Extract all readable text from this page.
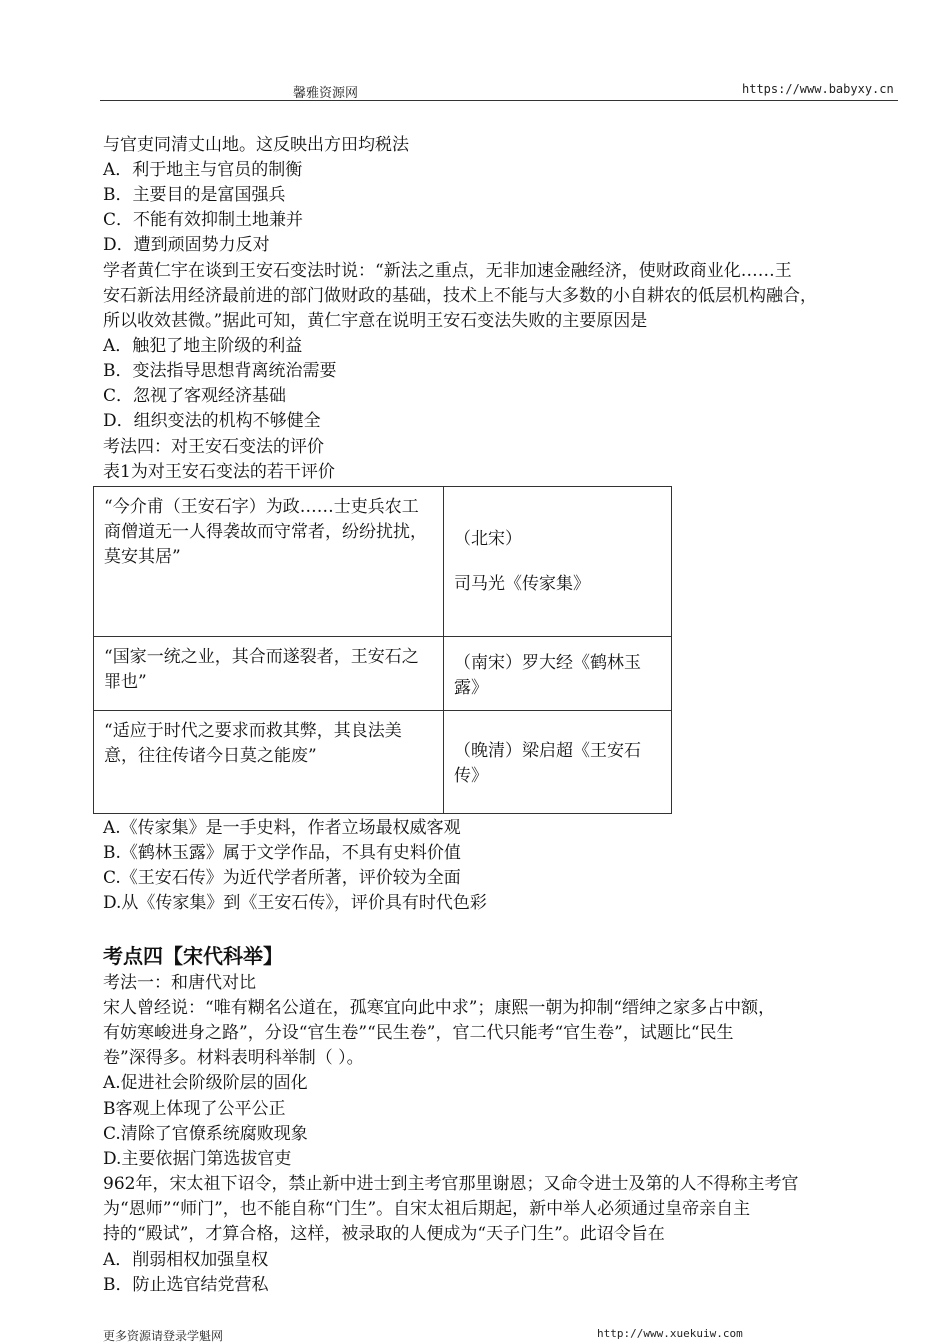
馨雅资源网	https://www.babyxy.cn
与官吏同清丈山地。这反映出方田均税法
A．利于地主与官员的制衡
B．主要目的是富国强兵
C．不能有效抑制土地兼并
D．遭到顽固势力反对
学者黄仁宇在谈到王安石变法时说：“新法之重点，无非加速金融经济，使财政商业化……王
安石新法用经济最前进的部门做财政的基础，技术上不能与大多数的小自耕农的低层机构融合，
所以收效甚微。”据此可知，黄仁宇意在说明王安石变法失败的主要原因是
A．触犯了地主阶级的利益
B．变法指导思想背离统治需要
C．忽视了客观经济基础
D．组织变法的机构不够健全
考法四：对王安石变法的评价
表1为对王安石变法的若干评价
“今介甫（王安石字）为政……士吏兵农工商僧道无一人得袭故而守常者，纷纷扰扰，莫安其居”	（北宋）
司马光《传家集》

“国家一统之业，其合而遂裂者，王安石之罪也”	（南宋）罗大经《鹤林玉露》
“适应于时代之要求而救其弊，其良法美意，往往传诸今日莫之能废”	（晚清）梁启超《王安石传》
A.《传家集》是一手史料，作者立场最权威客观
B.《鹤林玉露》属于文学作品，不具有史料价值
C.《王安石传》为近代学者所著，评价较为全面
D.从《传家集》到《王安石传》，评价具有时代色彩
考点四【宋代科举】
考法一：和唐代对比
宋人曾经说：“唯有糊名公道在，孤寒宜向此中求”；康熙一朝为抑制“缙绅之家多占中额，
有妨寒峻进身之路”，分设“官生卷”“民生卷”，官二代只能考“官生卷”，试题比“民生
卷”深得多。材料表明科举制（ ）。
A.促进社会阶级阶层的固化
B客观上体现了公平公正
C.清除了官僚系统腐败现象
D.主要依据门第选拔官吏
962年，宋太祖下诏令，禁止新中进士到主考官那里谢恩；又命令进士及第的人不得称主考官
为“恩师”“师门”，也不能自称“门生”。自宋太祖后期起，新中举人必须通过皇帝亲自主
持的“殿试”，才算合格，这样，被录取的人便成为“天子门生”。此诏令旨在
A．削弱相权加强皇权
B．防止选官结党营私
更多资源请登录学魁网	http://www.xuekuiw.com
